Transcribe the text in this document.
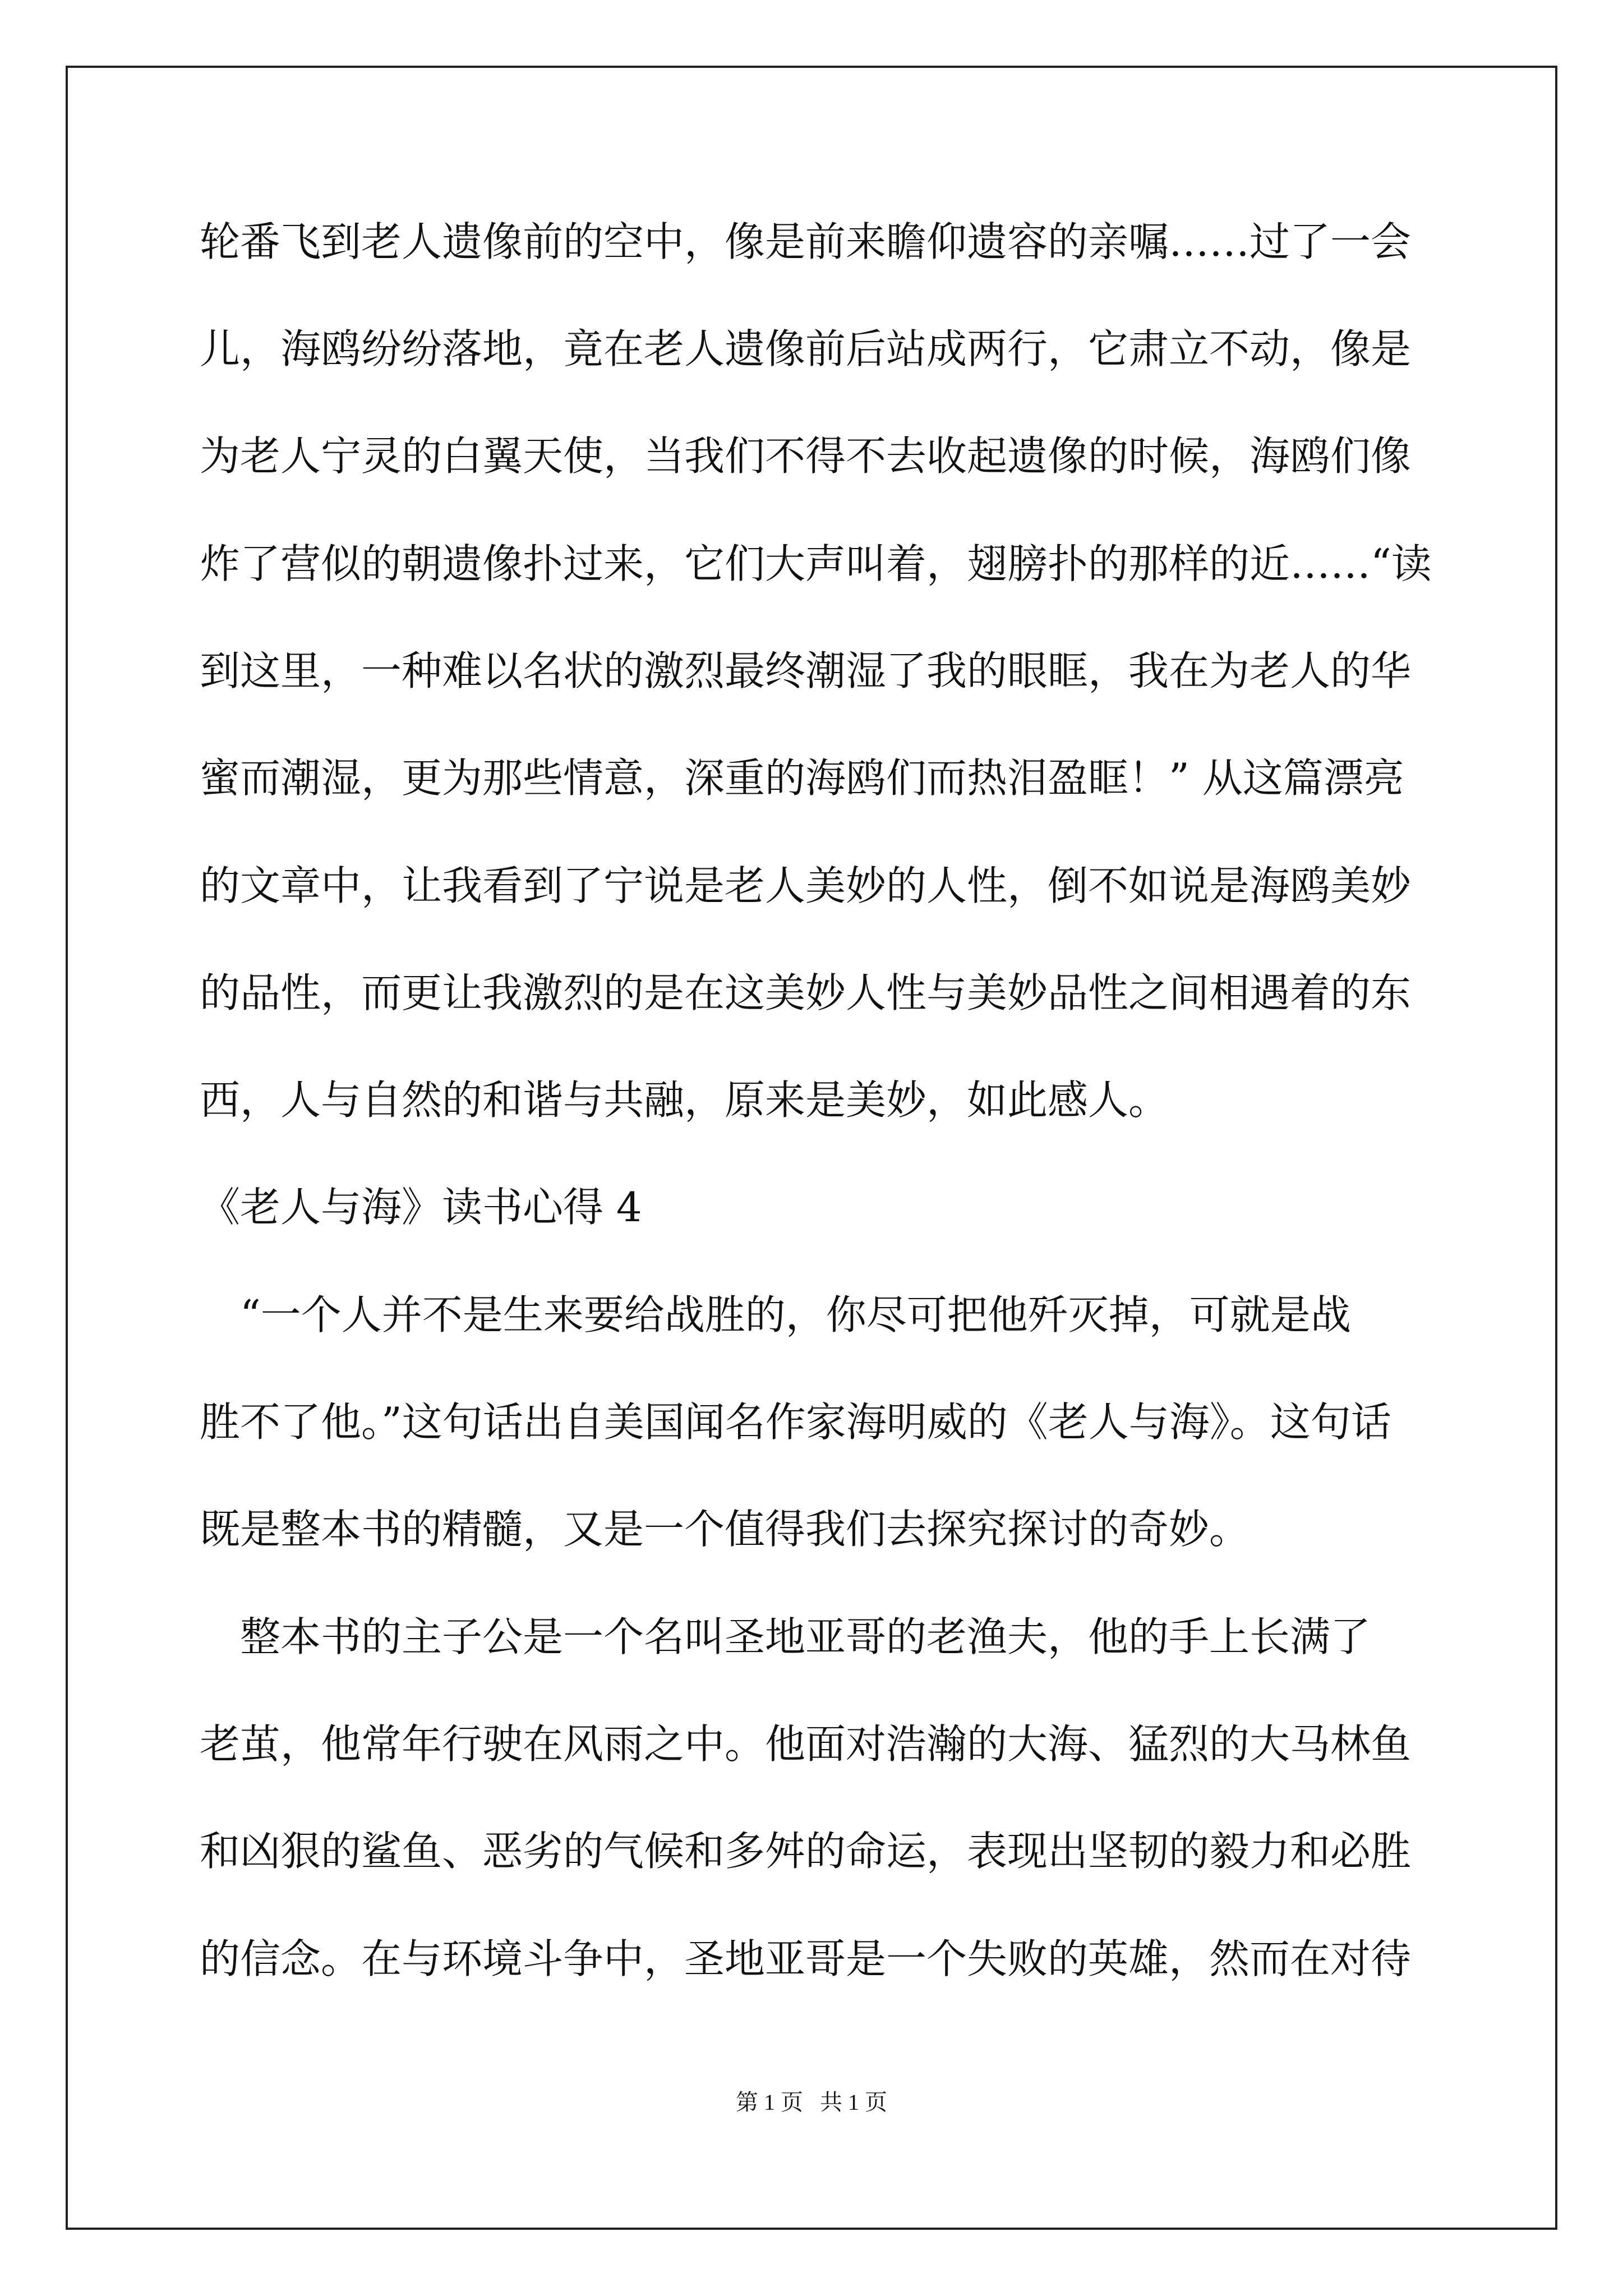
轮番飞到老人遗像前的空中，像是前来瞻仰遗容的亲嘱……过了一会

儿，海鸥纷纷落地，竟在老人遗像前后站成两行，它肃立不动，像是

为老人宁灵的白翼天使，当我们不得不去收起遗像的时候，海鸥们像

炸了营似的朝遗像扑过来，它们大声叫着，翅膀扑的那样的近……“读

到这里，一种难以名状的激烈最终潮湿了我的眼眶，我在为老人的华

蜜而潮湿，更为那些情意，深重的海鸥们而热泪盈眶！” 从这篇漂亮

的文章中，让我看到了宁说是老人美妙的人性，倒不如说是海鸥美妙

的品性，而更让我激烈的是在这美妙人性与美妙品性之间相遇着的东

西，人与自然的和谐与共融，原来是美妙，如此感人。

《老人与海》读书心得 4

　“一个人并不是生来要给战胜的，你尽可把他歼灭掉，可就是战

胜不了他。”这句话出自美国闻名作家海明威的《老人与海》。这句话

既是整本书的精髓，又是一个值得我们去探究探讨的奇妙。

　整本书的主子公是一个名叫圣地亚哥的老渔夫，他的手上长满了

老茧，他常年行驶在风雨之中。他面对浩瀚的大海、猛烈的大马林鱼

和凶狠的鲨鱼、恶劣的气候和多舛的命运，表现出坚韧的毅力和必胜

的信念。在与环境斗争中，圣地亚哥是一个失败的英雄，然而在对待

第 1 页   共 1 页
